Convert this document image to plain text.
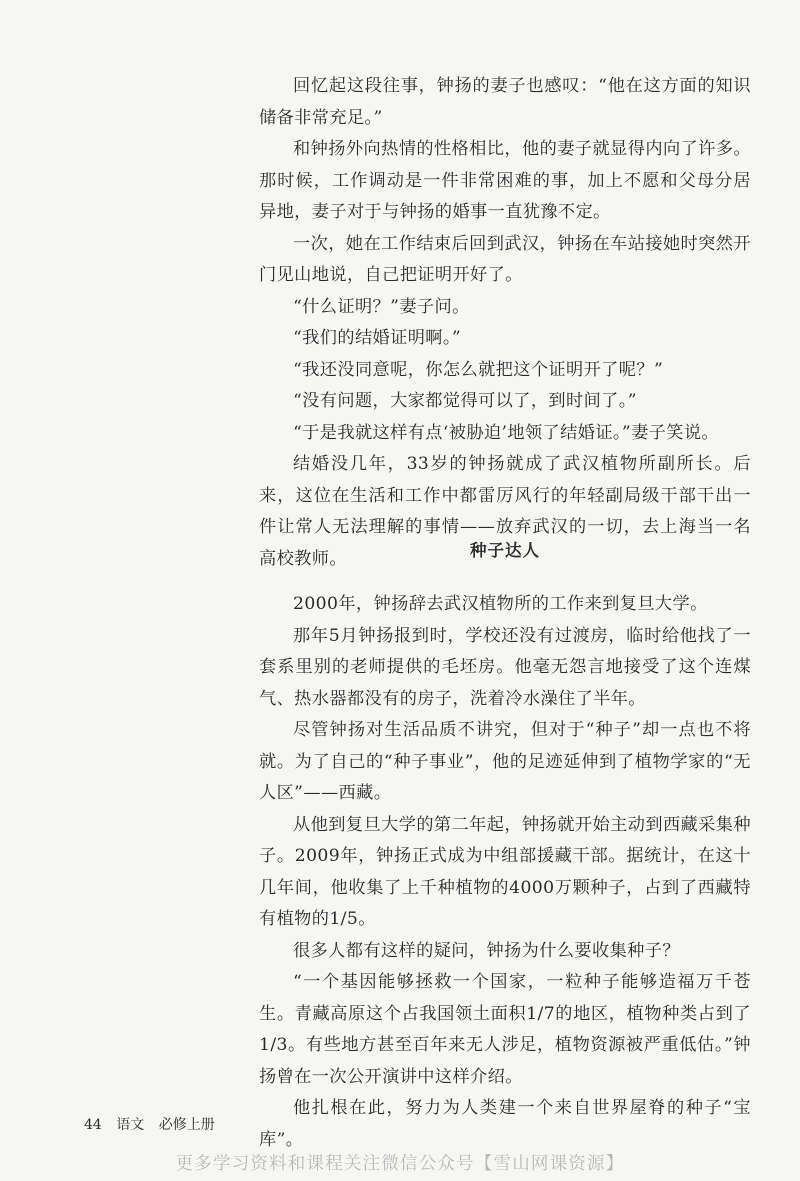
回忆起这段往事，钟扬的妻子也感叹：“他在这方面的知识储备非常充足。”

和钟扬外向热情的性格相比，他的妻子就显得内向了许多。那时候，工作调动是一件非常困难的事，加上不愿和父母分居异地，妻子对于与钟扬的婚事一直犹豫不定。

一次，她在工作结束后回到武汉，钟扬在车站接她时突然开门见山地说，自己把证明开好了。

“什么证明？”妻子问。

“我们的结婚证明啊。”

“我还没同意呢，你怎么就把这个证明开了呢？”

“没有问题，大家都觉得可以了，到时间了。”

“于是我就这样有点‘被胁迫’地领了结婚证。”妻子笑说。

结婚没几年，33岁的钟扬就成了武汉植物所副所长。后来，这位在生活和工作中都雷厉风行的年轻副局级干部干出一件让常人无法理解的事情——放弃武汉的一切，去上海当一名高校教师。	种子达人

2000年，钟扬辞去武汉植物所的工作来到复旦大学。

那年5月钟扬报到时，学校还没有过渡房，临时给他找了一套系里别的老师提供的毛坯房。他毫无怨言地接受了这个连煤气、热水器都没有的房子，洗着冷水澡住了半年。

尽管钟扬对生活品质不讲究，但对于“种子”却一点也不将就。为了自己的“种子事业”，他的足迹延伸到了植物学家的“无人区”——西藏。

从他到复旦大学的第二年起，钟扬就开始主动到西藏采集种子。2009年，钟扬正式成为中组部援藏干部。据统计，在这十几年间，他收集了上千种植物的4000万颗种子，占到了西藏特有植物的1/5。

很多人都有这样的疑问，钟扬为什么要收集种子？

“一个基因能够拯救一个国家，一粒种子能够造福万千苍生。青藏高原这个占我国领土面积1/7的地区，植物种类占到了1/3。有些地方甚至百年来无人涉足，植物资源被严重低估。”钟扬曾在一次公开演讲中这样介绍。

他扎根在此，努力为人类建一个来自世界屋脊的种子“宝库”。

44 语文 必修上册
更多学习资料和课程关注微信公众号【雪山网课资源】
